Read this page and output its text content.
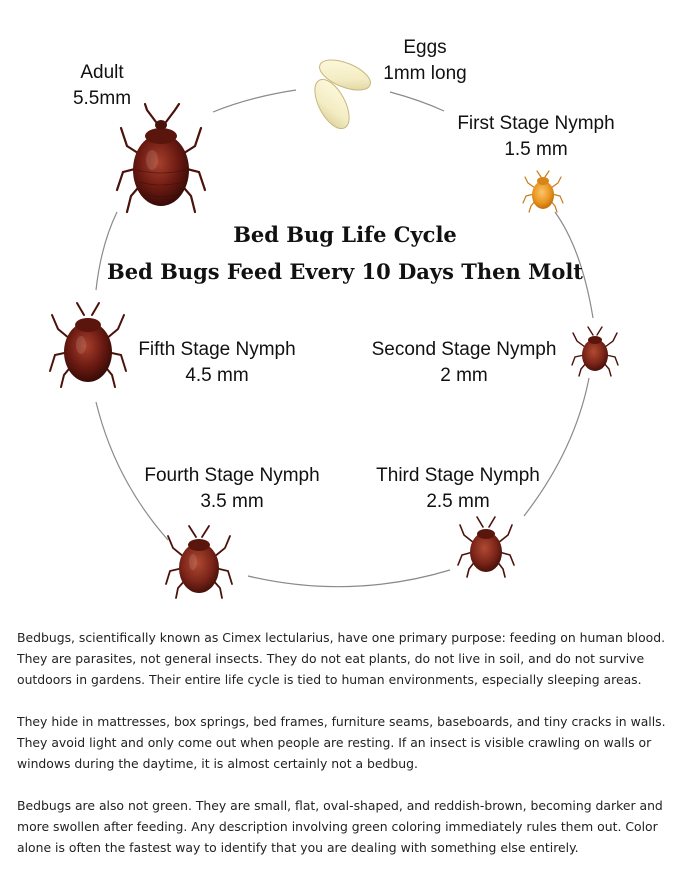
Eggs
1mm long
First Stage Nymph
1.5 mm
Second Stage Nymph
2 mm
Third Stage Nymph
2.5 mm
Fourth Stage Nymph
3.5 mm
Fifth Stage Nymph
4.5 mm
Adult
5.5mm
Bed Bug Life Cycle
Bed Bugs Feed Every 10 Days Then Molt

Bedbugs, scientifically known as Cimex lectularius, have one primary purpose: feeding on human blood. They are parasites, not general insects. They do not eat plants, do not live in soil, and do not survive outdoors in gardens. Their entire life cycle is tied to human environments, especially sleeping areas.

They hide in mattresses, box springs, bed frames, furniture seams, baseboards, and tiny cracks in walls. They avoid light and only come out when people are resting. If an insect is visible crawling on walls or windows during the daytime, it is almost certainly not a bedbug.

Bedbugs are also not green. They are small, flat, oval-shaped, and reddish-brown, becoming darker and more swollen after feeding. Any description involving green coloring immediately rules them out. Color alone is often the fastest way to identify that you are dealing with something else entirely.
